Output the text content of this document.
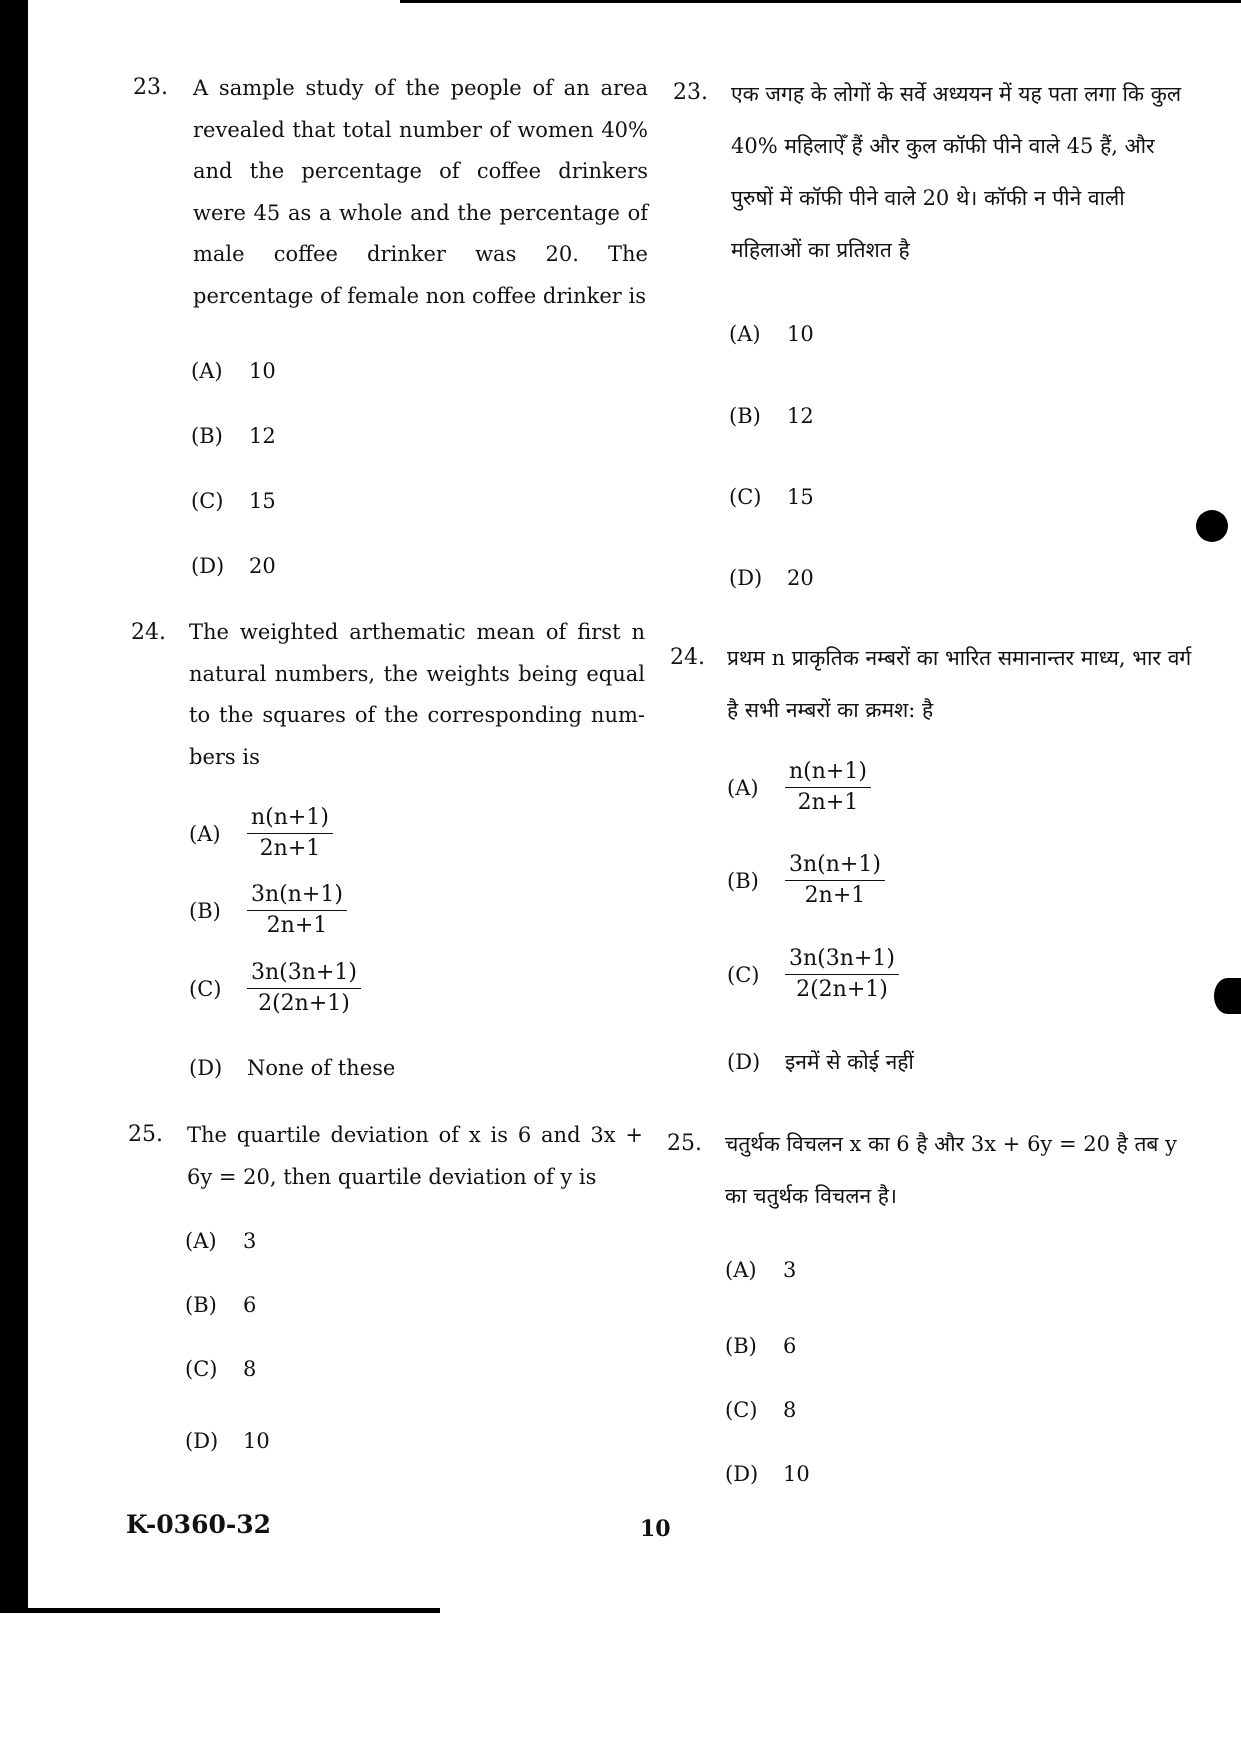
23. A sample study of the people of an area revealed that total number of women 40% and the percentage of coffee drinkers were 45 as a whole and the percentage of male coffee drinker was 20. The percentage of female non coffee drinker is
(A) 10
(B) 12
(C) 15
(D) 20
23. एक जगह के लोगों के सर्वे अध्ययन में यह पता लगा कि कुल 40% महिलाऐँ हैं और कुल कॉफी पीने वाले 45 हैं, और पुरुषों में कॉफी पीने वाले 20 थे। कॉफी न पीने वाली महिलाओं का प्रतिशत है
(A) 10
(B) 12
(C) 15
(D) 20
24. The weighted arthematic mean of first n natural numbers, the weights being equal to the squares of the corresponding num-bers is
(A)	$\frac{n(n+1)}{2n+1}$
(B)	$\frac{3n(n+1)}{2n+1}$
(C)	$\frac{3n(3n+1)}{2(2n+1)}$
(D) None of these
24. प्रथम n प्राकृतिक नम्बरों का भारित समानान्तर माध्य, भार वर्ग है सभी नम्बरों का क्रमश: है
(A)	$\frac{n(n+1)}{2n+1}$
(B)	$\frac{3n(n+1)}{2n+1}$
(C)	$\frac{3n(3n+1)}{2(2n+1)}$
(D) इनमें से कोई नहीं
25. The quartile deviation of x is 6 and 3x + 6y = 20, then quartile deviation of y is
(A) 3
(B) 6
(C) 8
(D) 10
25. चतुर्थक विचलन x का 6 है और 3x + 6y = 20 है तब y का चतुर्थक विचलन है।
(A) 3
(B) 6
(C) 8
(D) 10
K-0360-32	10
